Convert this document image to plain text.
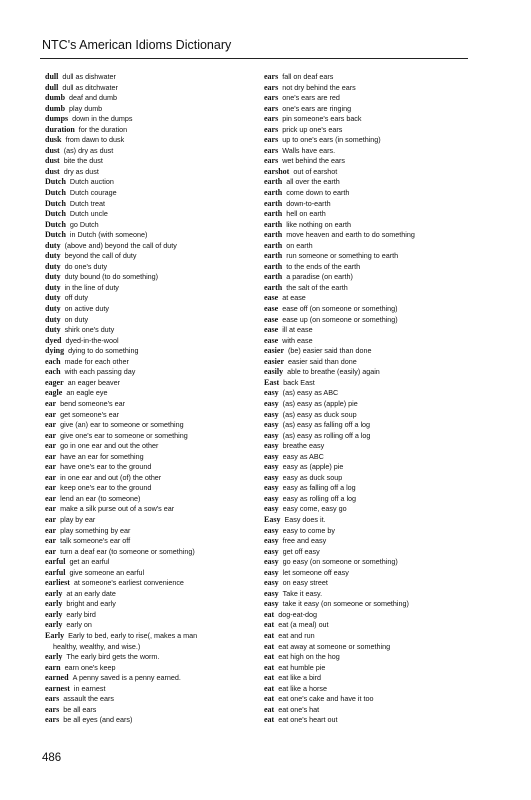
NTC's American Idioms Dictionary
dull dull as dishwater
dull dull as ditchwater
dumb deaf and dumb
dumb play dumb
dumps down in the dumps
duration for the duration
dusk from dawn to dusk
dust (as) dry as dust
dust bite the dust
dust dry as dust
Dutch Dutch auction
Dutch Dutch courage
Dutch Dutch treat
Dutch Dutch uncle
Dutch go Dutch
Dutch in Dutch (with someone)
duty (above and) beyond the call of duty
duty beyond the call of duty
duty do one's duty
duty duty bound (to do something)
duty in the line of duty
duty off duty
duty on active duty
duty on duty
duty shirk one's duty
dyed dyed-in-the-wool
dying dying to do something
each made for each other
each with each passing day
eager an eager beaver
eagle an eagle eye
ear bend someone's ear
ear get someone's ear
ear give (an) ear to someone or something
ear give one's ear to someone or something
ear go in one ear and out the other
ear have an ear for something
ear have one's ear to the ground
ear in one ear and out (of) the other
ear keep one's ear to the ground
ear lend an ear (to someone)
ear make a silk purse out of a sow's ear
ear play by ear
ear play something by ear
ear talk someone's ear off
ear turn a deaf ear (to someone or something)
earful get an earful
earful give someone an earful
earliest at someone's earliest convenience
early at an early date
early bright and early
early early bird
early early on
Early Early to bed, early to rise(, makes a man
healthy, wealthy, and wise.)
early The early bird gets the worm.
earn earn one's keep
earned A penny saved is a penny earned.
earnest in earnest
ears assault the ears
ears be all ears
ears be all eyes (and ears)
ears fall on deaf ears
ears not dry behind the ears
ears one's ears are red
ears one's ears are ringing
ears pin someone's ears back
ears prick up one's ears
ears up to one's ears (in something)
ears Walls have ears.
ears wet behind the ears
earshot out of earshot
earth all over the earth
earth come down to earth
earth down-to-earth
earth hell on earth
earth like nothing on earth
earth move heaven and earth to do something
earth on earth
earth run someone or something to earth
earth to the ends of the earth
earth a paradise (on earth)
earth the salt of the earth
ease at ease
ease ease off (on someone or something)
ease ease up (on someone or something)
ease ill at ease
ease with ease
easier (be) easier said than done
easier easier said than done
easily able to breathe (easily) again
East back East
easy (as) easy as ABC
easy (as) easy as (apple) pie
easy (as) easy as duck soup
easy (as) easy as falling off a log
easy (as) easy as rolling off a log
easy breathe easy
easy easy as ABC
easy easy as (apple) pie
easy easy as duck soup
easy easy as falling off a log
easy easy as rolling off a log
easy easy come, easy go
Easy Easy does it.
easy easy to come by
easy free and easy
easy get off easy
easy go easy (on someone or something)
easy let someone off easy
easy on easy street
easy Take it easy.
easy take it easy (on someone or something)
eat dog-eat-dog
eat eat (a meal) out
eat eat and run
eat eat away at someone or something
eat eat high on the hog
eat eat humble pie
eat eat like a bird
eat eat like a horse
eat eat one's cake and have it too
eat eat one's hat
eat eat one's heart out
486
